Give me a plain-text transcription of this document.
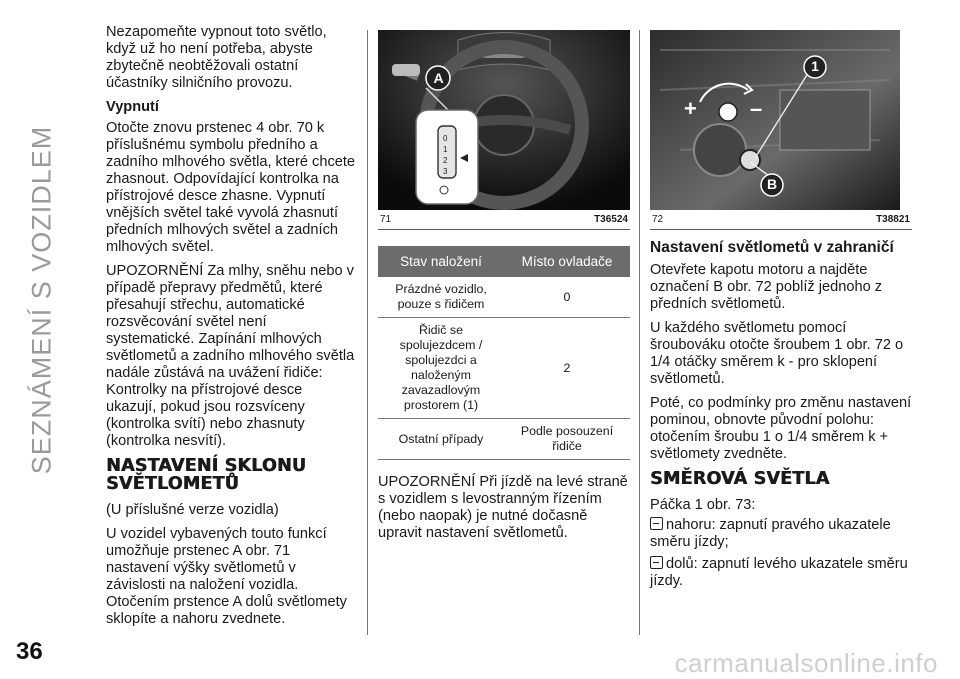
SEZNÁMENÍ S VOZIDLEM
36	carmanualsonline.info

Nezapomeňte vypnout toto světlo, když už ho není potřeba, abyste zbytečně neobtěžovali ostatní účastníky silničního provozu.

Vypnutí

Otočte znovu prstenec 4 obr. 70 k příslušnému symbolu předního a zadního mlhového světla, které chcete zhasnout. Odpovídající kontrolka na přístrojové desce zhasne. Vypnutí vnějších světel také vyvolá zhasnutí předních mlhových světel a zadních mlhových světel.

UPOZORNĚNÍ Za mlhy, sněhu nebo v případě přepravy předmětů, které přesahují střechu, automatické rozsvěcování světel není systematické. Zapínání mlhových světlometů a zadního mlhového světla nadále zůstává na uvážení řidiče: Kontrolky na přístrojové desce ukazují, pokud jsou rozsvíceny (kontrolka svítí) nebo zhasnuty (kontrolka nesvítí).

NASTAVENÍ SKLONU SVĚTLOMETŮ

(U příslušné verze vozidla)

U vozidel vybavených touto funkcí umožňuje prstenec A obr. 71 nastavení výšky světlometů v závislosti na naložení vozidla. Otočením prstence A dolů světlomety sklopíte a nahoru zvednete.

A
0
1
2
3
71	T36524
Stav naložení	Místo ovladače
Prázdné vozidlo, pouze s řidičem	0
Řidič se spolujezdcem / spolujezdci a naloženým zavazadlovým prostorem (1)	2
Ostatní případy	Podle posouzení řidiče

UPOZORNĚNÍ Při jízdě na levé straně s vozidlem s levostranným řízením (nebo naopak) je nutné dočasně upravit nastavení světlometů.

1
B
+ –
72	T38821
Nastavení světlometů v zahraničí

Otevřete kapotu motoru a najděte označení B obr. 72 poblíž jednoho z předních světlometů.

U každého světlometu pomocí šroubováku otočte šroubem 1 obr. 72 o 1/4 otáčky směrem k - pro sklopení světlometů.

Poté, co podmínky pro změnu nastavení pominou, obnovte původní polohu: otočením šroubu 1 o 1/4 směrem k + světlomety zvedněte.

SMĚROVÁ SVĚTLA

Páčka 1 obr. 73:

nahoru: zapnutí pravého ukazatele směru jízdy;
dolů: zapnutí levého ukazatele směru jízdy.
